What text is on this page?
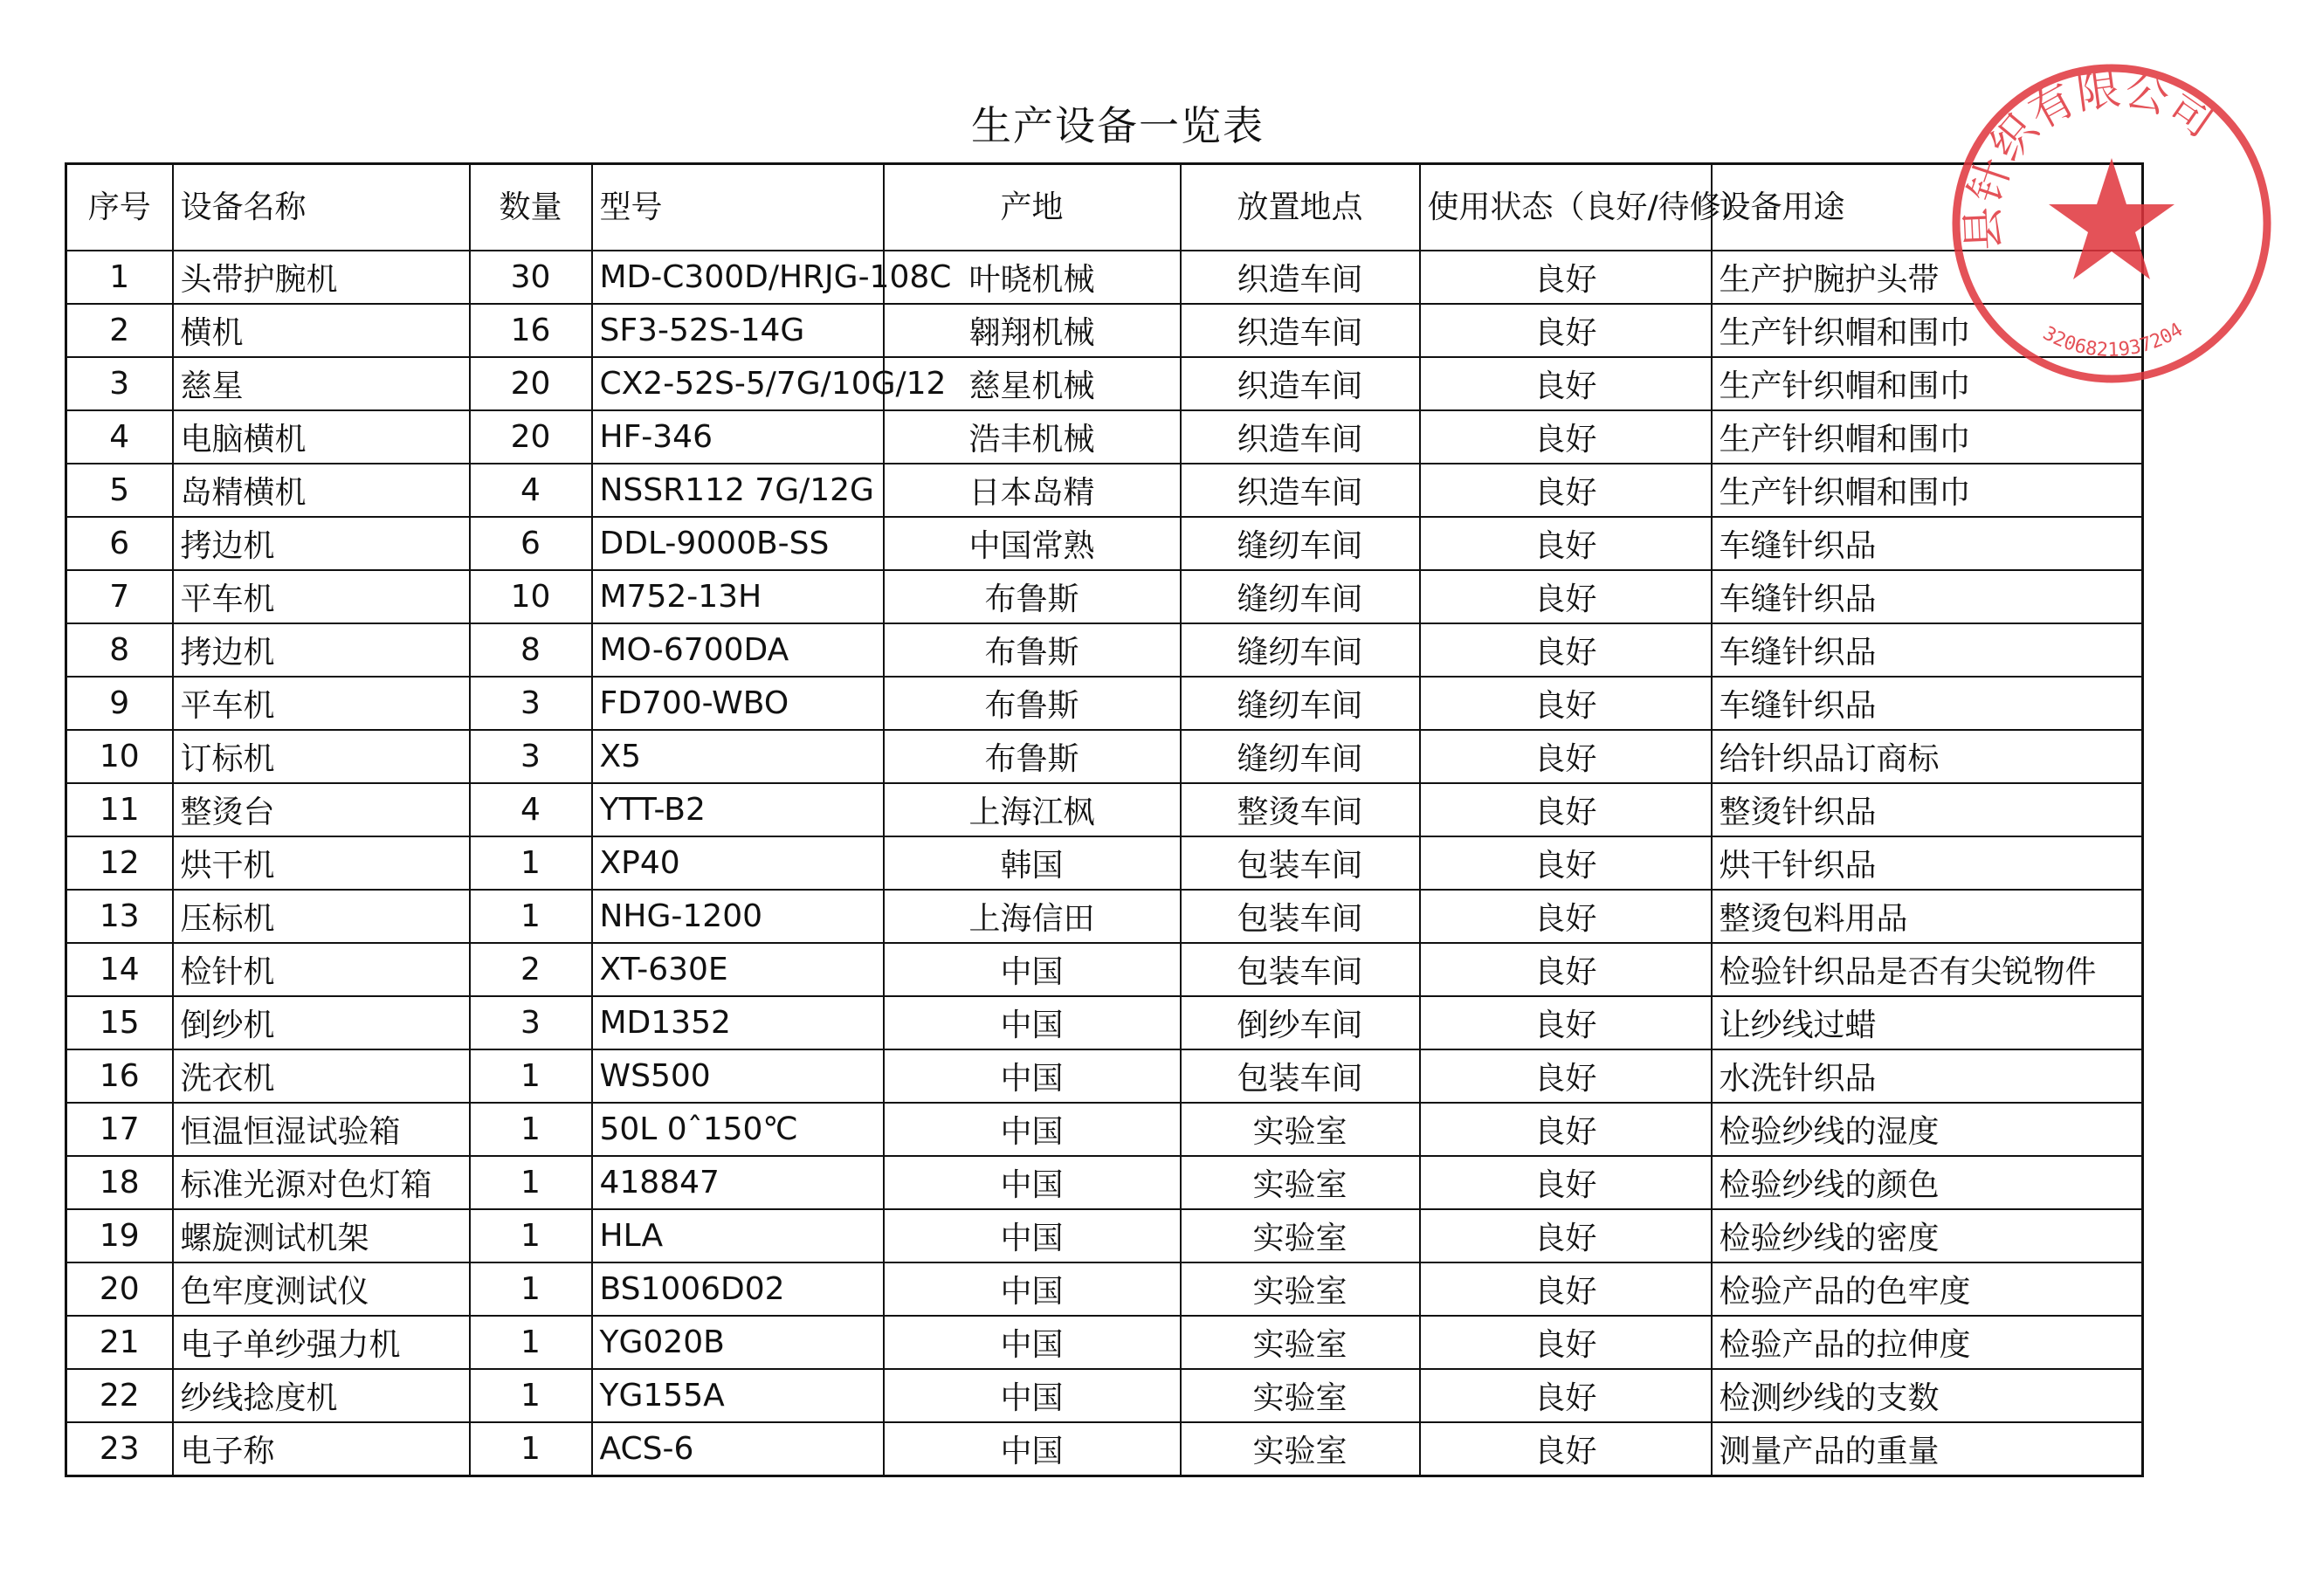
生产设备一览表
序号	设备名称	数量	型号	产地	放置地点	使用状态（良好/待修）	设备用途
1	头带护腕机	30	MD-C300D/HRJG-108C	叶晓机械	织造车间	良好	生产护腕护头带
2	横机	16	SF3-52S-14G	翱翔机械	织造车间	良好	生产针织帽和围巾
3	慈星	20	CX2-52S-5/7G/10G/12	慈星机械	织造车间	良好	生产针织帽和围巾
4	电脑横机	20	HF-346	浩丰机械	织造车间	良好	生产针织帽和围巾
5	岛精横机	4	NSSR112 7G/12G	日本岛精	织造车间	良好	生产针织帽和围巾
6	拷边机	6	DDL-9000B-SS	中国常熟	缝纫车间	良好	车缝针织品
7	平车机	10	M752-13H	布鲁斯	缝纫车间	良好	车缝针织品
8	拷边机	8	MO-6700DA	布鲁斯	缝纫车间	良好	车缝针织品
9	平车机	3	FD700-WBO	布鲁斯	缝纫车间	良好	车缝针织品
10	订标机	3	X5	布鲁斯	缝纫车间	良好	给针织品订商标
11	整烫台	4	YTT-B2	上海江枫	整烫车间	良好	整烫针织品
12	烘干机	1	XP40	韩国	包装车间	良好	烘干针织品
13	压标机	1	NHG-1200	上海信田	包装车间	良好	整烫包料用品
14	检针机	2	XT-630E	中国	包装车间	良好	检验针织品是否有尖锐物件
15	倒纱机	3	MD1352	中国	倒纱车间	良好	让纱线过蜡
16	洗衣机	1	WS500	中国	包装车间	良好	水洗针织品
17	恒温恒湿试验箱	1	50L 0ˆ150℃	中国	实验室	良好	检验纱线的湿度
18	标准光源对色灯箱	1	418847	中国	实验室	良好	检验纱线的颜色
19	螺旋测试机架	1	HLA	中国	实验室	良好	检验纱线的密度
20	色牢度测试仪	1	BS1006D02	中国	实验室	良好	检验产品的色牢度
21	电子单纱强力机	1	YG020B	中国	实验室	良好	检验产品的拉伸度
22	纱线捻度机	1	YG155A	中国	实验室	良好	检测纱线的支数
23	电子称	1	ACS-6	中国	实验室	良好	测量产品的重量
县针织有限公司
3206821937204
